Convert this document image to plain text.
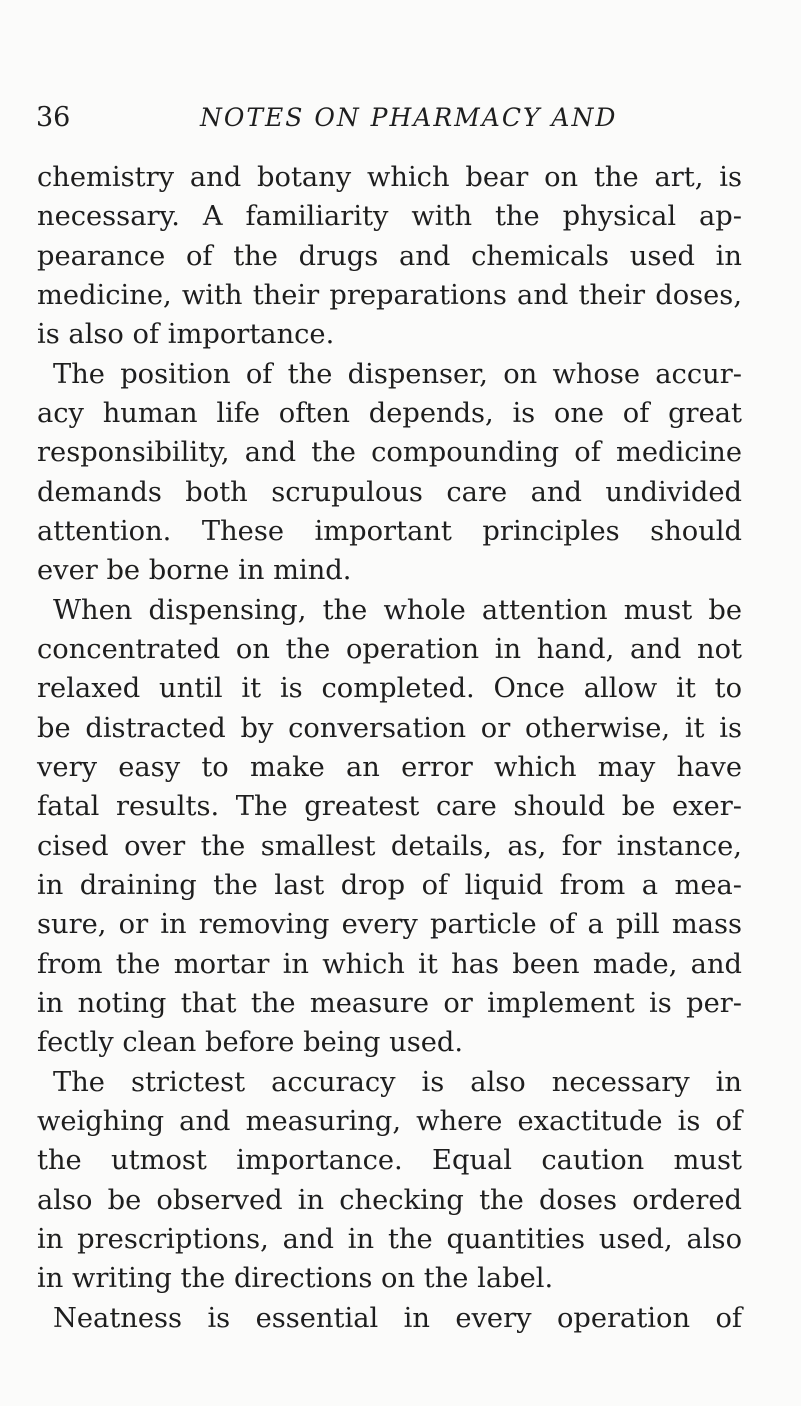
36	NOTES ON PHARMACY AND
chemistry and botany which bear on the art, is
necessary. A familiarity with the physical ap-
pearance of the drugs and chemicals used in
medicine, with their preparations and their doses,
is also of importance.
The position of the dispenser, on whose accur-
acy human life often depends, is one of great
responsibility, and the compounding of medicine
demands both scrupulous care and undivided
attention. These important principles should
ever be borne in mind.
When dispensing, the whole attention must be
concentrated on the operation in hand, and not
relaxed until it is completed. Once allow it to
be distracted by conversation or otherwise, it is
very easy to make an error which may have
fatal results. The greatest care should be exer-
cised over the smallest details, as, for instance,
in draining the last drop of liquid from a mea-
sure, or in removing every particle of a pill mass
from the mortar in which it has been made, and
in noting that the measure or implement is per-
fectly clean before being used.
The strictest accuracy is also necessary in
weighing and measuring, where exactitude is of
the utmost importance. Equal caution must
also be observed in checking the doses ordered
in prescriptions, and in the quantities used, also
in writing the directions on the label.
Neatness is essential in every operation of
